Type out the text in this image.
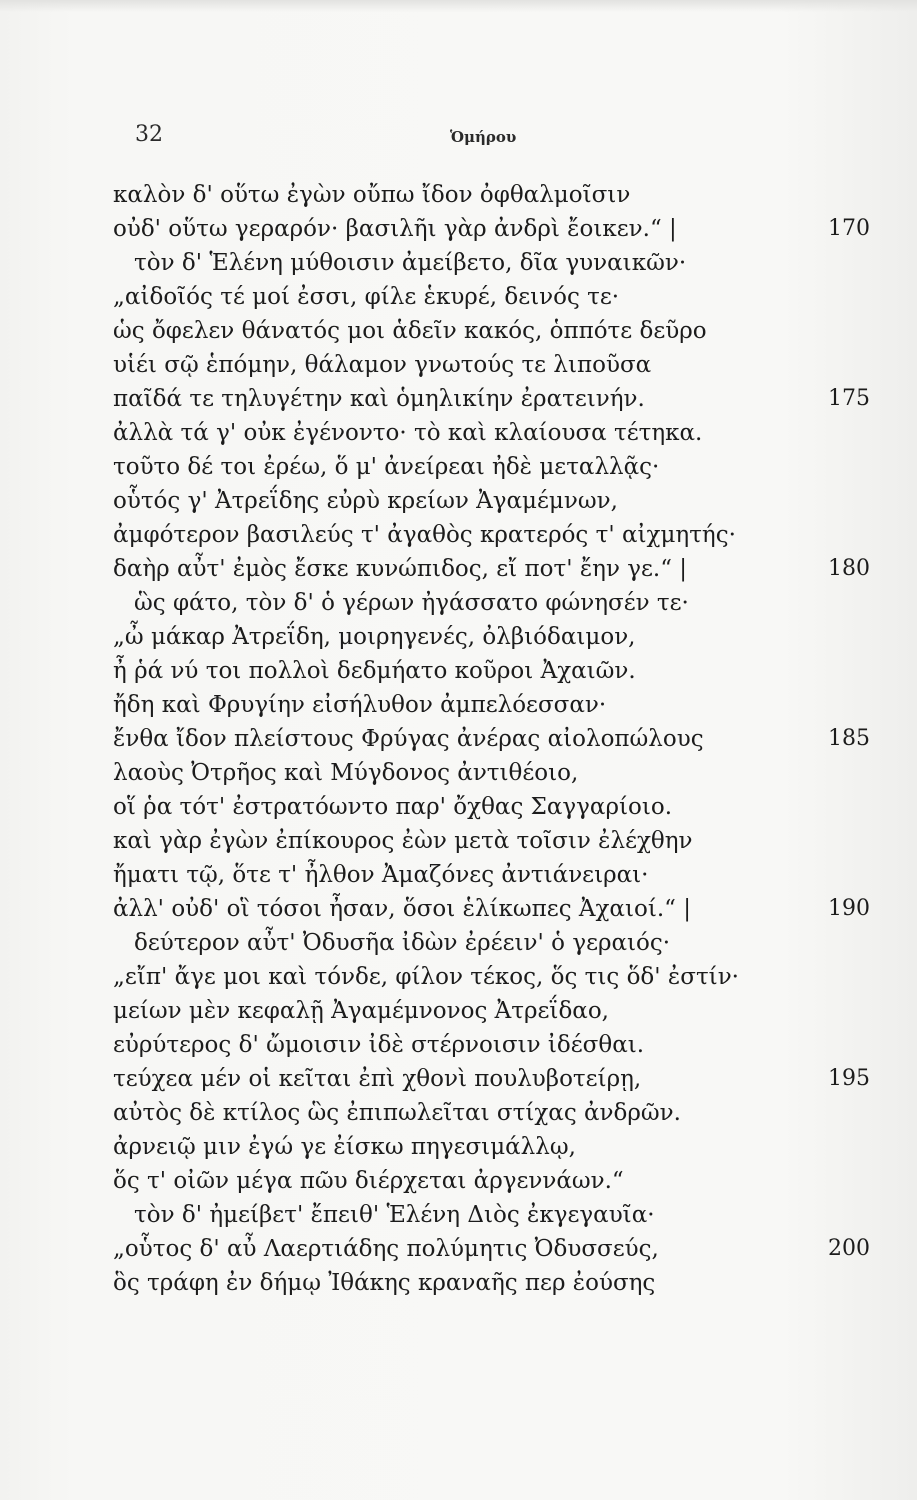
32	Ὁμήρου
καλὸν δ' οὕτω ἐγὼν οὔπω ἴδον ὀφθαλμοῖσιν
οὐδ' οὕτω γεραρόν· βασιλῆι γὰρ ἀνδρὶ ἔοικεν.“ |	170
τὸν δ' Ἑλένη μύθοισιν ἀμείβετο, δῖα γυναικῶν·
„αἰδοῖός τέ μοί ἐσσι, φίλε ἑκυρέ, δεινός τε·
ὡς ὄφελεν θάνατός μοι ἁδεῖν κακός, ὁππότε δεῦρο
υἱέι σῷ ἑπόμην, θάλαμον γνωτούς τε λιποῦσα
παῖδά τε τηλυγέτην καὶ ὁμηλικίην ἐρατεινήν.	175
ἀλλὰ τά γ' οὐκ ἐγένοντο· τὸ καὶ κλαίουσα τέτηκα.
τοῦτο δέ τοι ἐρέω, ὅ μ' ἀνείρεαι ἠδὲ μεταλλᾷς·
οὗτός γ' Ἀτρεΐδης εὐρὺ κρείων Ἀγαμέμνων,
ἀμφότερον βασιλεύς τ' ἀγαθὸς κρατερός τ' αἰχμητής·
δαὴρ αὖτ' ἐμὸς ἔσκε κυνώπιδος, εἴ ποτ' ἔην γε.“ |	180
ὣς φάτο, τὸν δ' ὁ γέρων ἠγάσσατο φώνησέν τε·
„ὦ μάκαρ Ἀτρεΐδη, μοιρηγενές, ὀλβιόδαιμον,
ἦ ῥά νύ τοι πολλοὶ δεδμήατο κοῦροι Ἀχαιῶν.
ἤδη καὶ Φρυγίην εἰσήλυθον ἀμπελόεσσαν·
ἔνθα ἴδον πλείστους Φρύγας ἀνέρας αἰολοπώλους	185
λαοὺς Ὀτρῆος καὶ Μύγδονος ἀντιθέοιο,
οἵ ῥα τότ' ἐστρατόωντο παρ' ὄχθας Σαγγαρίοιο.
καὶ γὰρ ἐγὼν ἐπίκουρος ἐὼν μετὰ τοῖσιν ἐλέχθην
ἤματι τῷ, ὅτε τ' ἦλθον Ἀμαζόνες ἀντιάνειραι·
ἀλλ' οὐδ' οἳ τόσοι ἦσαν, ὅσοι ἑλίκωπες Ἀχαιοί.“ |	190
δεύτερον αὖτ' Ὀδυσῆα ἰδὼν ἐρέειν' ὁ γεραιός·
„εἴπ' ἄγε μοι καὶ τόνδε, φίλον τέκος, ὅς τις ὅδ' ἐστίν·
μείων μὲν κεφαλῇ Ἀγαμέμνονος Ἀτρεΐδαο,
εὐρύτερος δ' ὤμοισιν ἰδὲ στέρνοισιν ἰδέσθαι.
τεύχεα μέν οἱ κεῖται ἐπὶ χθονὶ πουλυβοτείρῃ,	195
αὐτὸς δὲ κτίλος ὣς ἐπιπωλεῖται στίχας ἀνδρῶν.
ἀρνειῷ μιν ἐγώ γε ἐίσκω πηγεσιμάλλῳ,
ὅς τ' οἰῶν μέγα πῶυ διέρχεται ἀργεννάων.“
τὸν δ' ἠμείβετ' ἔπειθ' Ἑλένη Διὸς ἐκγεγαυῖα·
„οὗτος δ' αὖ Λαερτιάδης πολύμητις Ὀδυσσεύς,	200
ὃς τράφη ἐν δήμῳ Ἰθάκης κραναῆς περ ἐούσης
